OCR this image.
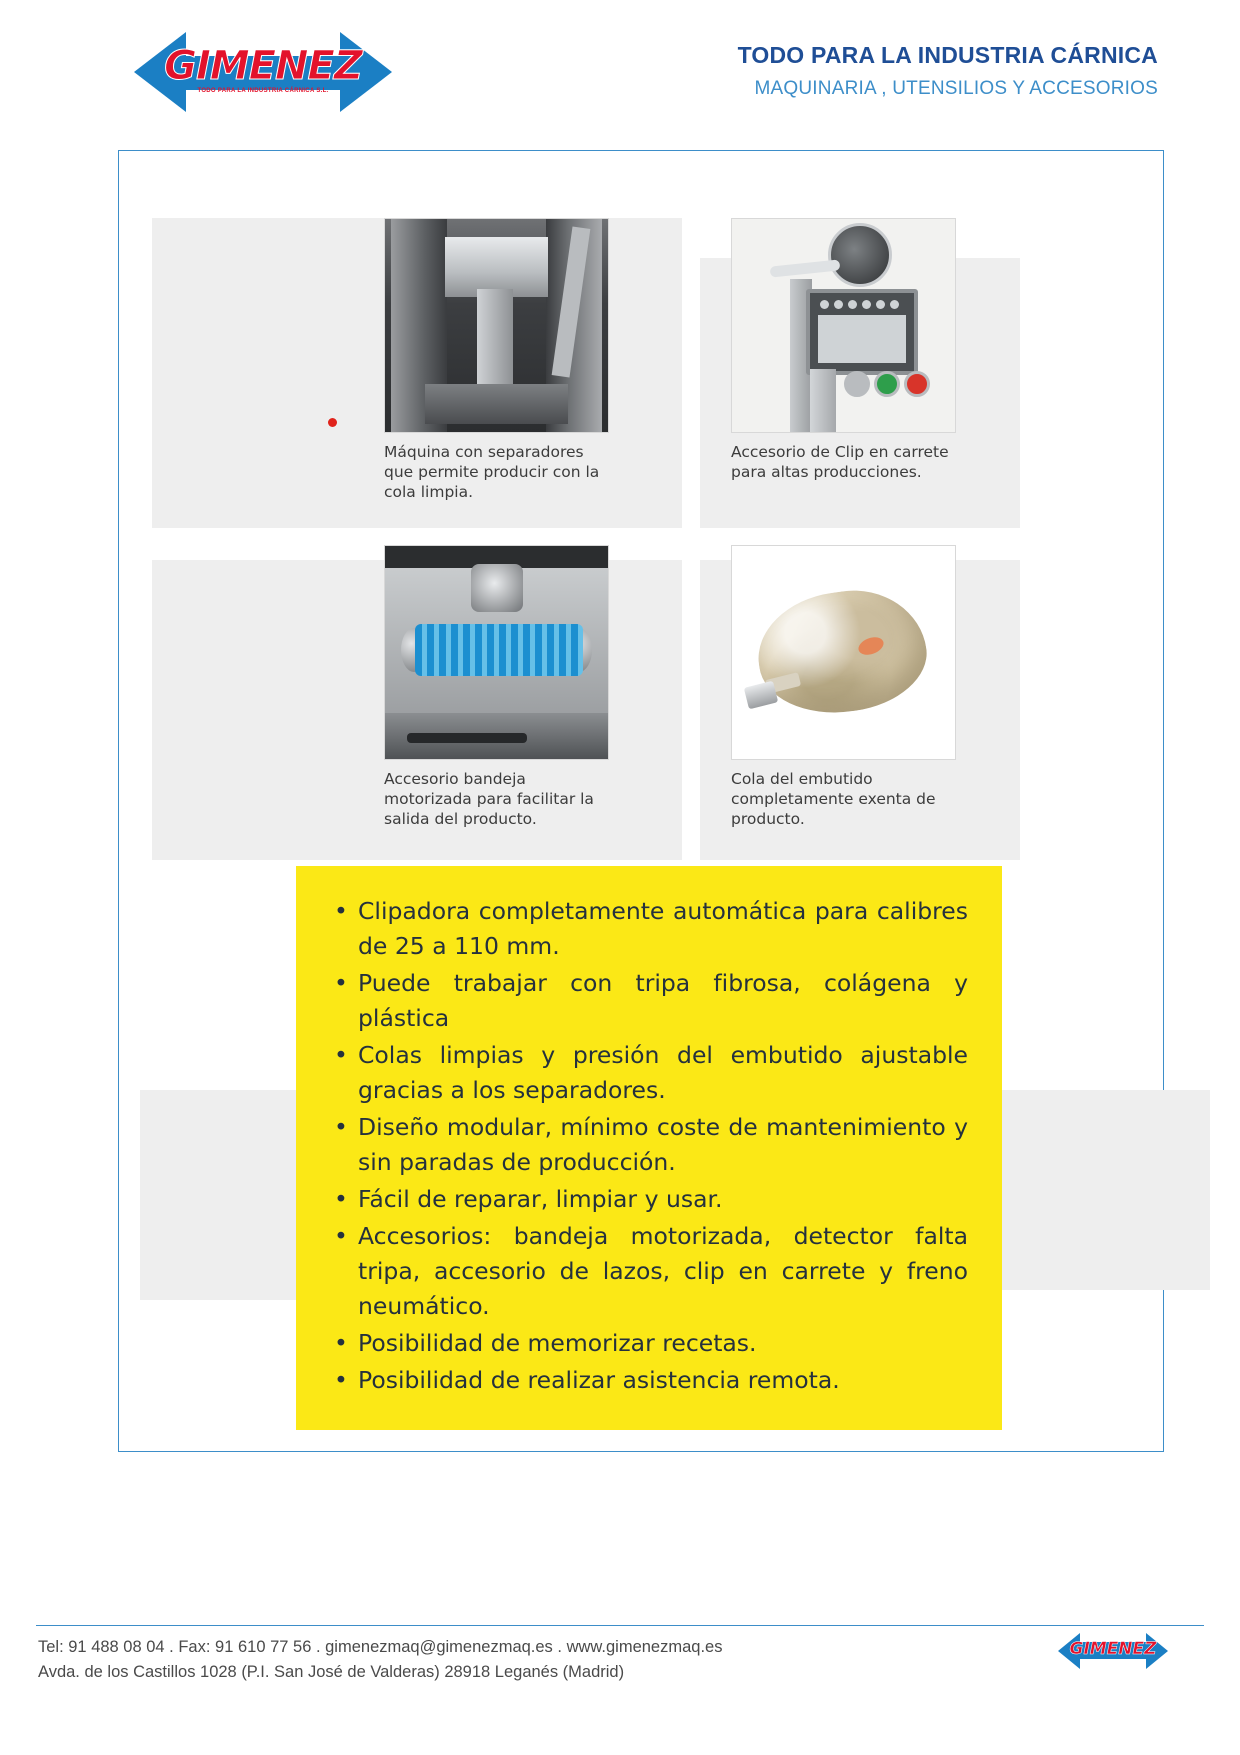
GIMENEZ
TODO PARA LA INDUSTRIA CÁRNICA S.L.
TODO PARA LA INDUSTRIA CÁRNICA
MAQUINARIA , UTENSILIOS Y ACCESORIOS
Máquina con separadores que permite producir con la cola limpia.
Accesorio de Clip en carrete para altas producciones.
Accesorio bandeja motorizada para facilitar la salida del producto.
Cola del embutido completamente exenta de producto.
• Clipadora completamente automática para calibres de 25 a 110 mm.
• Puede trabajar con tripa fibrosa, colágena y plástica
• Colas limpias y presión del embutido ajustable gracias a los separadores.
• Diseño modular, mínimo coste de mantenimiento y sin paradas de producción.
• Fácil de reparar, limpiar y usar.
• Accesorios: bandeja motorizada, detector falta tripa, accesorio de lazos, clip en carrete y freno neumático.
• Posibilidad de memorizar recetas.
• Posibilidad de realizar asistencia remota.
Tel: 91 488 08 04 . Fax: 91 610 77 56 . gimenezmaq@gimenezmaq.es . www.gimenezmaq.es
Avda. de los Castillos 1028 (P.I. San José de Valderas) 28918 Leganés (Madrid)
GIMENEZ
